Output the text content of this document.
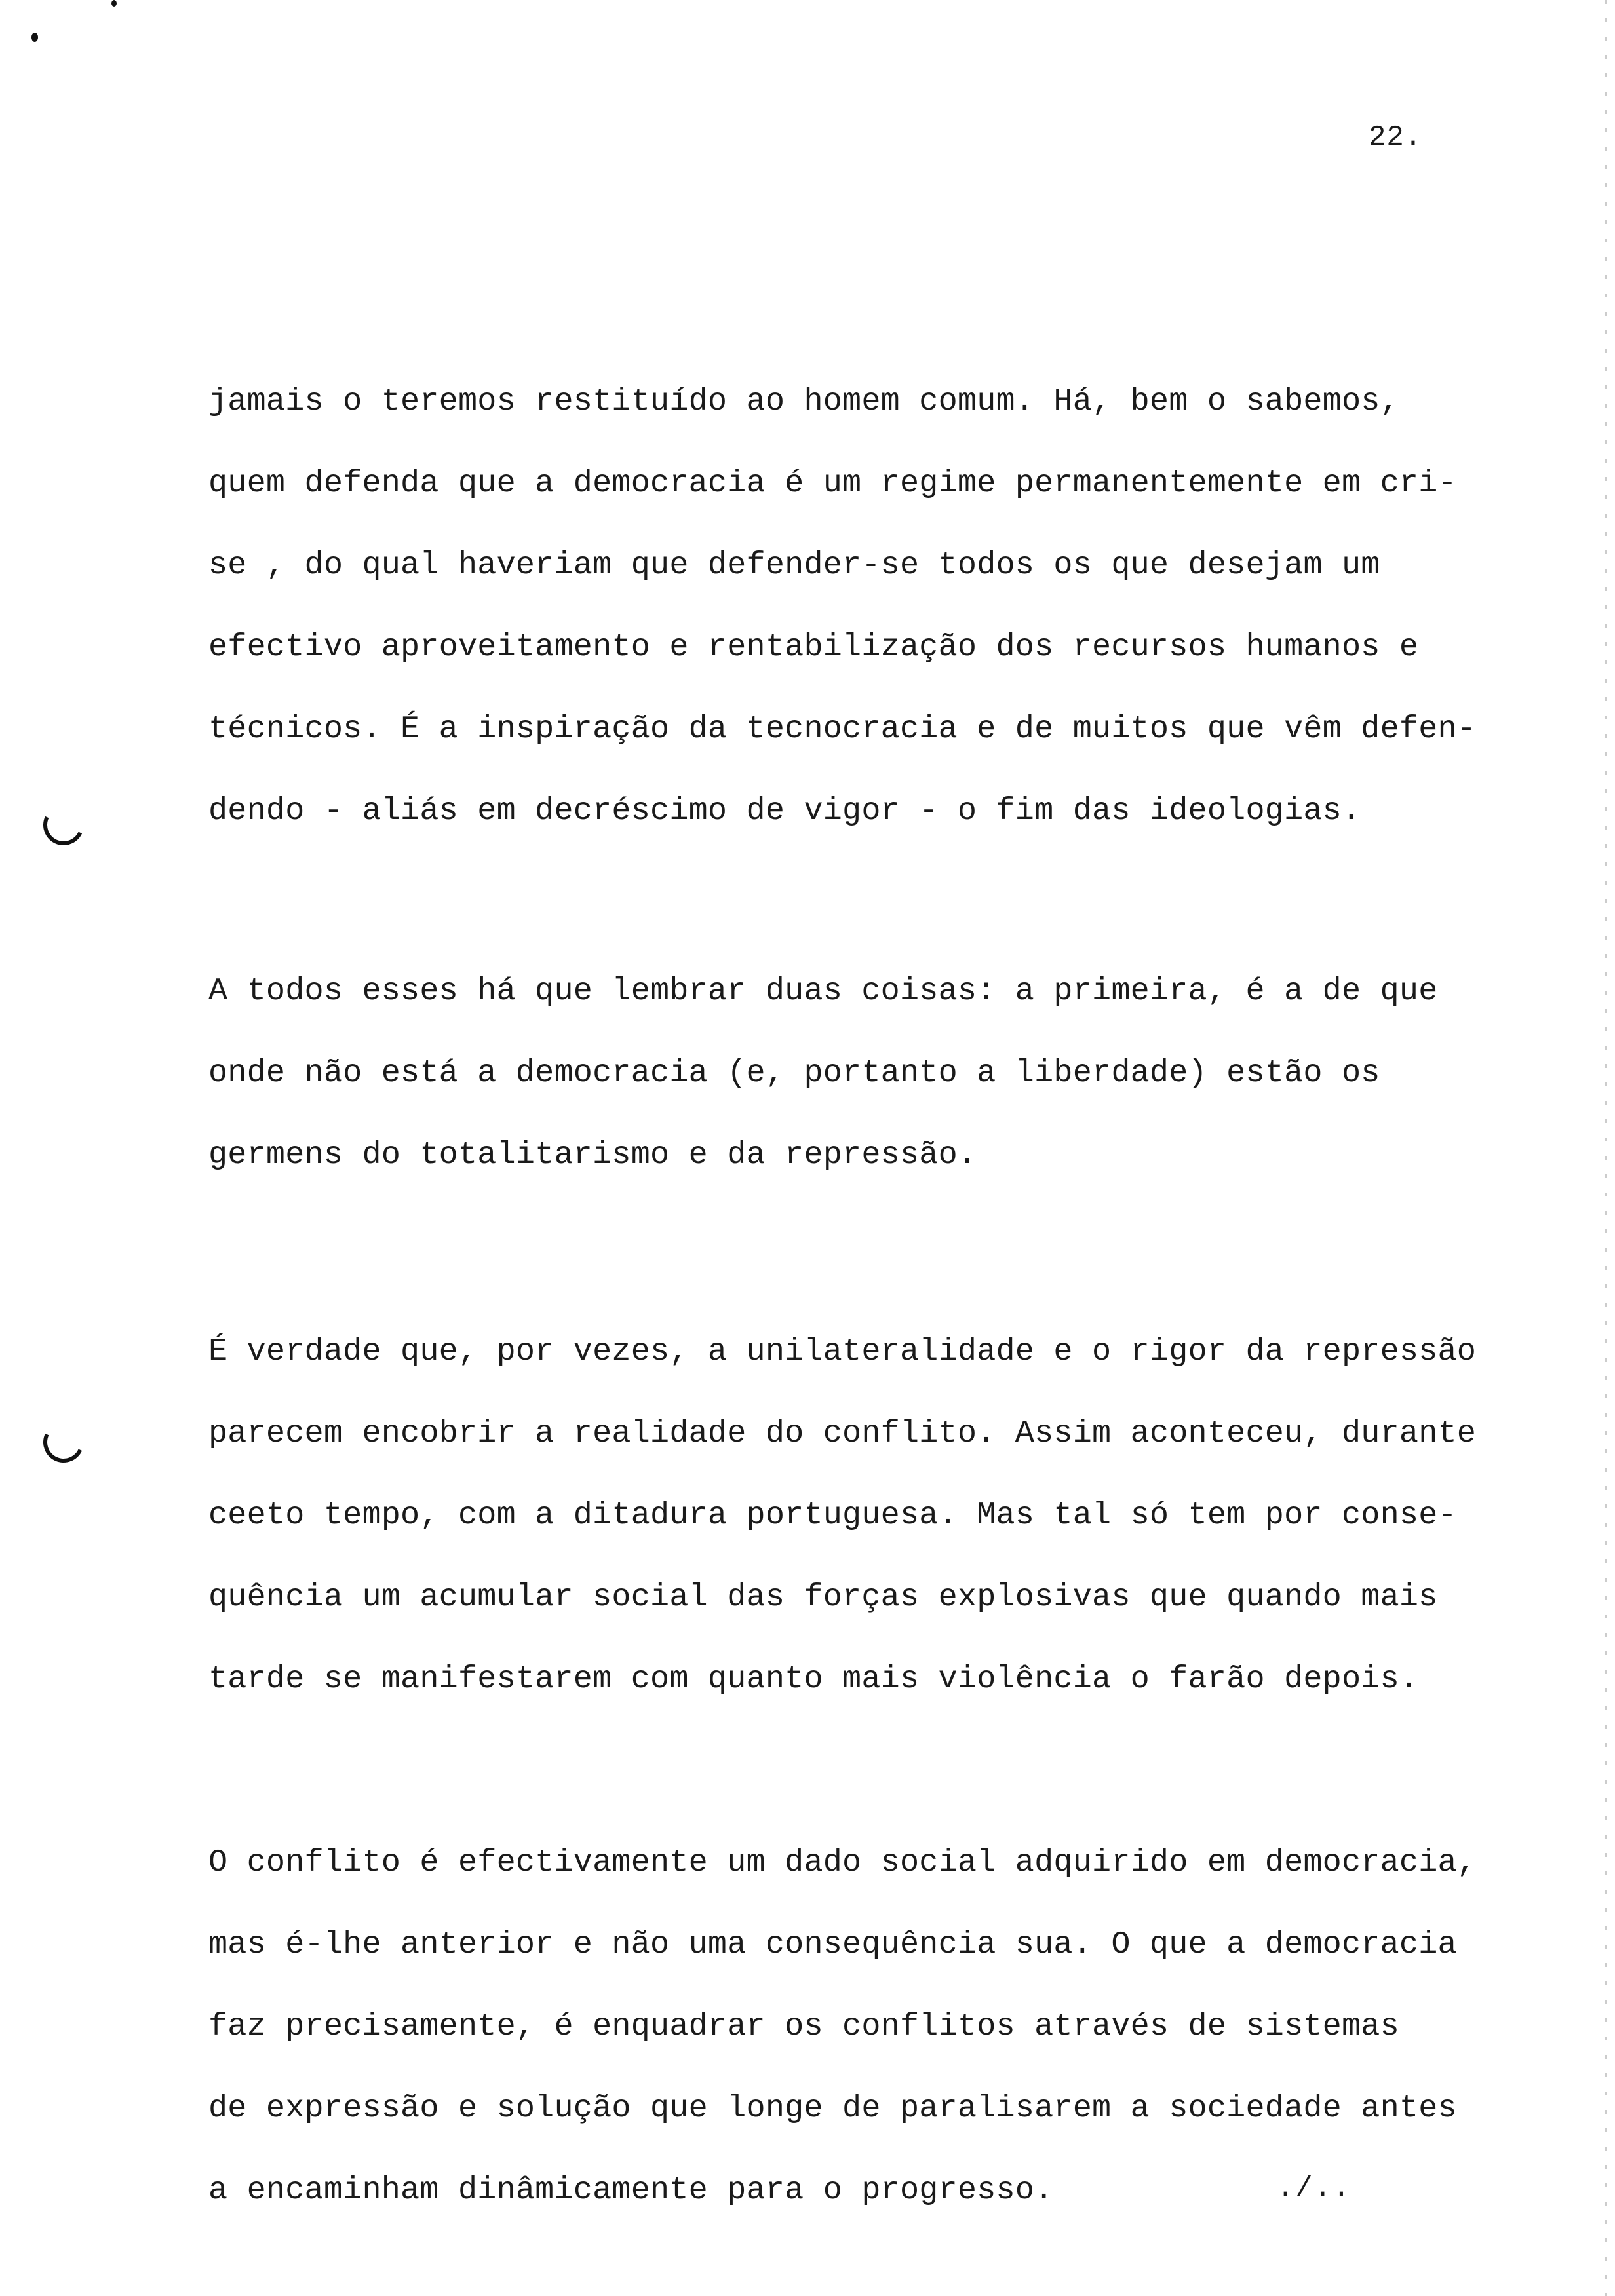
22.
jamais o teremos restituído ao homem comum. Há, bem o sabemos,
quem defenda que a democracia é um regime permanentemente em cri-
se , do qual haveriam que defender-se todos os que desejam um
efectivo aproveitamento e rentabilização dos recursos humanos e
técnicos. É a inspiração da tecnocracia e de muitos que vêm defen-
dendo - aliás em decréscimo de vigor - o fim das ideologias.
A todos esses há que lembrar duas coisas: a primeira, é a de que
onde não está a democracia (e, portanto a liberdade) estão os
germens do totalitarismo e da repressão.
É verdade que, por vezes, a unilateralidade e o rigor da repressão
parecem encobrir a realidade do conflito. Assim aconteceu, durante
ceeto tempo, com a ditadura portuguesa. Mas tal só tem por conse-
quência um acumular social das forças explosivas que quando mais
tarde se manifestarem com quanto mais violência o farão depois.
O conflito é efectivamente um dado social adquirido em democracia,
mas é-lhe anterior e não uma consequência sua. O que a democracia
faz precisamente, é enquadrar os conflitos através de sistemas
de expressão e solução que longe de paralisarem a sociedade antes
a encaminham dinâmicamente para o progresso.	./..
